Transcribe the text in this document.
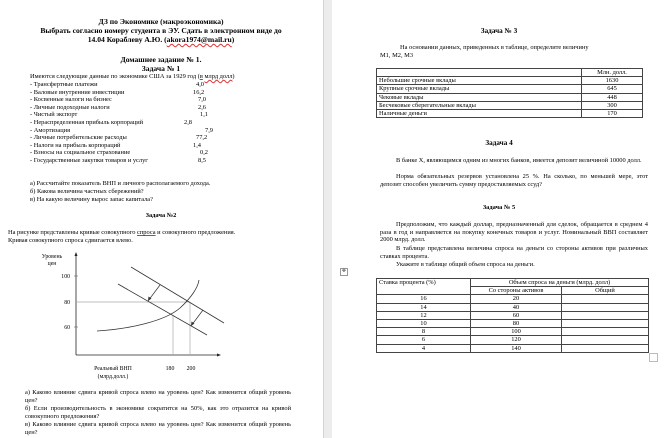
ДЗ по Экономике (макроэкономика)
Выбрать согласно номеру студента в ЭУ. Сдать в электронном виде до
14.04 Кораблеву А.Ю. (akora1974@mail.ru)
Домашнее задание № 1.
Задача № 1
Имеются следующие данные по экономике США за 1929 год (в млрд долл)
- Трансфертные платежи	4,0
- Валовые внутренние инвестиции	16,2
- Косвенные налоги на бизнес	7,0
- Личные подоходные налоги	2,6
- Чистый экспорт	1,1
- Нераспределенная прибыль корпораций	2,8
- Амортизация	7,9
- Личные потребительские расходы	77,2
- Налоги на прибыль корпораций	1,4
- Взносы на социальное страхование	0,2
- Государственные закупки товаров и услуг	8,5
а) Рассчитайте показатель ВНП и личного располагаемого дохода.
б) Какова величина частных сбережений?
в) На какую величину вырос запас капитала?
Задача №2
На рисунке представлены кривые совокупного спроса и совокупного предложения.
Кривая совокупного спроса сдвигается влево.
Уровень
цен
100
80
60
Реальный ВНП
(млрд.долл.)
180 200
а) Каково влияние сдвига кривой спроса влево на уровень цен? Как изменится общий уровень цен?
б) Если производительность в экономике сократится на 50%, как это отразится на кривой совокупного предложения?
в) Каково влияние сдвига кривой спроса влево на уровень цен? Как изменится общий уровень цен?
Задача № 3
На основании данных, приведенных в таблице, определите величину
М1, М2, М3
	Млн. долл.
Небольшие срочные вклады	1630
Крупные срочные вклады	645
Чековые вклады	448
Бесчековые сберегательные вклады	300
Наличные деньги	170
Задача 4
В банке X, являющимся одним из многих банков, имеется депозит величиной 10000 долл.
Норма обязательных резервов установлена 25 %. На сколько, по меньшей мере, этот депозит способен увеличить сумму предоставляемых ссуд?
Задача № 5
Предположим, что каждый доллар, предназначенный для сделок, обращается в среднем 4 раза в год и направляется на покупку конечных товаров и услуг. Номинальный ВВП составляет 2000 млрд. долл.
В таблице представлена величина спроса на деньги со стороны активов при различных ставках процента.
Укажите в таблице общий объем спроса на деньги.
✥
Ставка процента (%)	Объем спроса на деньги (млрд. долл)	
	Со стороны активов	Общий
16	20	
14	40	
12	60	
10	80	
8	100	
6	120	
4	140	
